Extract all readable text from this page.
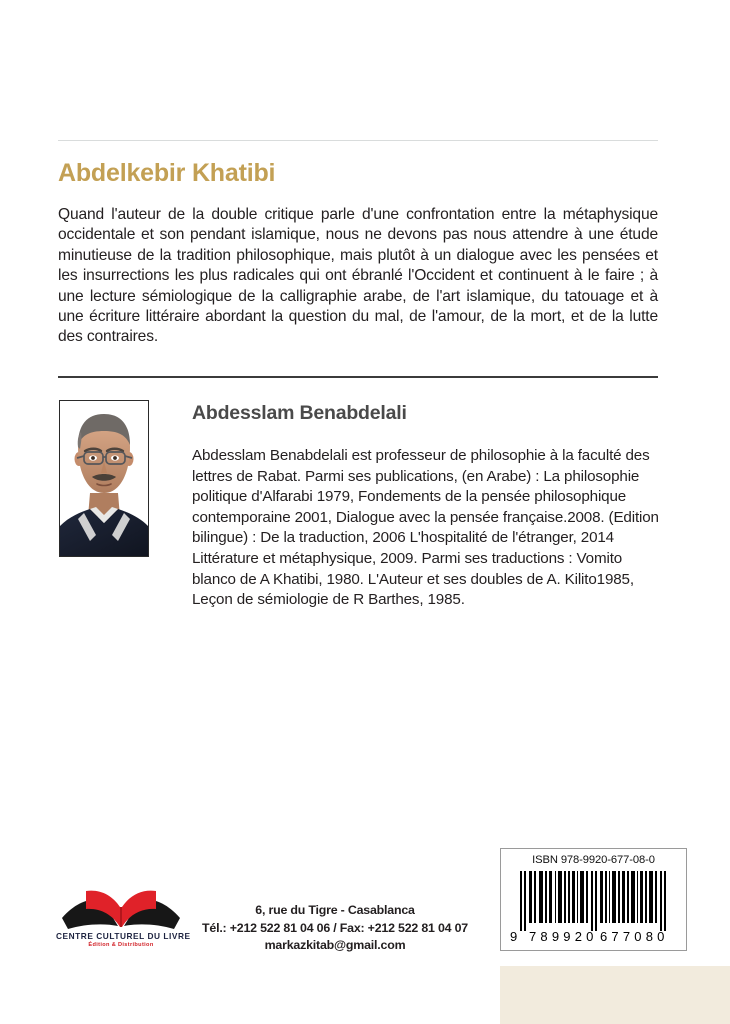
Abdelkebir Khatibi
Quand l'auteur de la double critique parle d'une confrontation entre la métaphysique occidentale et son pendant islamique, nous ne devons pas nous attendre à une étude minutieuse de la tradition philosophique, mais plutôt à un dialogue avec les pensées et les insurrections les plus radicales qui ont ébranlé l'Occident et continuent à le faire ; à une lecture sémiologique de la calligraphie arabe, de l'art islamique, du tatouage et à une écriture littéraire abordant la question du mal, de l'amour, de la mort, et de la lutte des contraires.
Abdesslam Benabdelali
Abdesslam Benabdelali est professeur de philosophie à la faculté des lettres de Rabat. Parmi ses publications, (en Arabe) : La philosophie politique d'Alfarabi 1979, Fondements de la pensée philosophique contemporaine 2001, Dialogue avec la pensée française.2008. (Edition bilingue) : De la traduction, 2006 L'hospitalité de l'étranger, 2014 Littérature et métaphysique, 2009. Parmi ses traductions : Vomito blanco de A Khatibi, 1980. L'Auteur et ses doubles de A. Kilito1985, Leçon de sémiologie de R Barthes, 1985.
CENTRE CULTUREL DU LIVRE
Édition & Distribution
6, rue du Tigre - Casablanca
Tél.: +212 522 81 04 06 / Fax: +212 522 81 04 07
markazkitab@gmail.com
ISBN 978-9920-677-08-0
9 789920 677080
